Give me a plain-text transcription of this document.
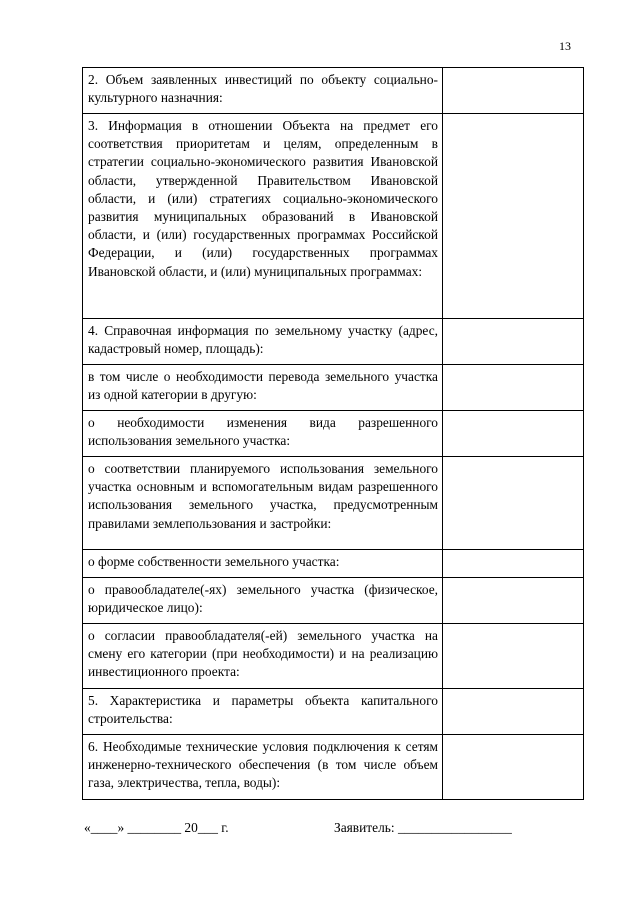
13
2. Объем заявленных инвестиций по объекту социально-культурного назначния:	
3. Информация в отношении Объекта на предмет его соответствия приоритетам и целям, определенным в стратегии социально-экономического развития Ивановской области, утвержденной Правительством Ивановской области, и (или) стратегиях социально-экономического развития муниципальных образований в Ивановской области, и (или) государственных программах Российской Федерации, и (или) государственных программах Ивановской области, и (или) муниципальных программах:	
4. Справочная информация по земельному участку (адрес, кадастровый номер, площадь):	
в том числе о необходимости перевода земельного участка из одной категории в другую:	
о необходимости изменения вида разрешенного использования земельного участка:	
о соответствии планируемого использования земельного участка основным и вспомогательным видам разрешенного использования земельного участка, предусмотренным правилами землепользования и застройки:	
о форме собственности земельного участка:	
о правообладателе(-ях) земельного участка (физическое, юридическое лицо):	
о согласии правообладателя(-ей) земельного участка на смену его категории (при необходимости) и на реализацию инвестиционного проекта:	
5. Характеристика и параметры объекта капитального строительства:	
6. Необходимые технические условия подключения к сетям инженерно-технического обеспечения (в том числе объем газа, электричества, тепла, воды):	

«____» ________ 20___ г.

	Заявитель: _________________
